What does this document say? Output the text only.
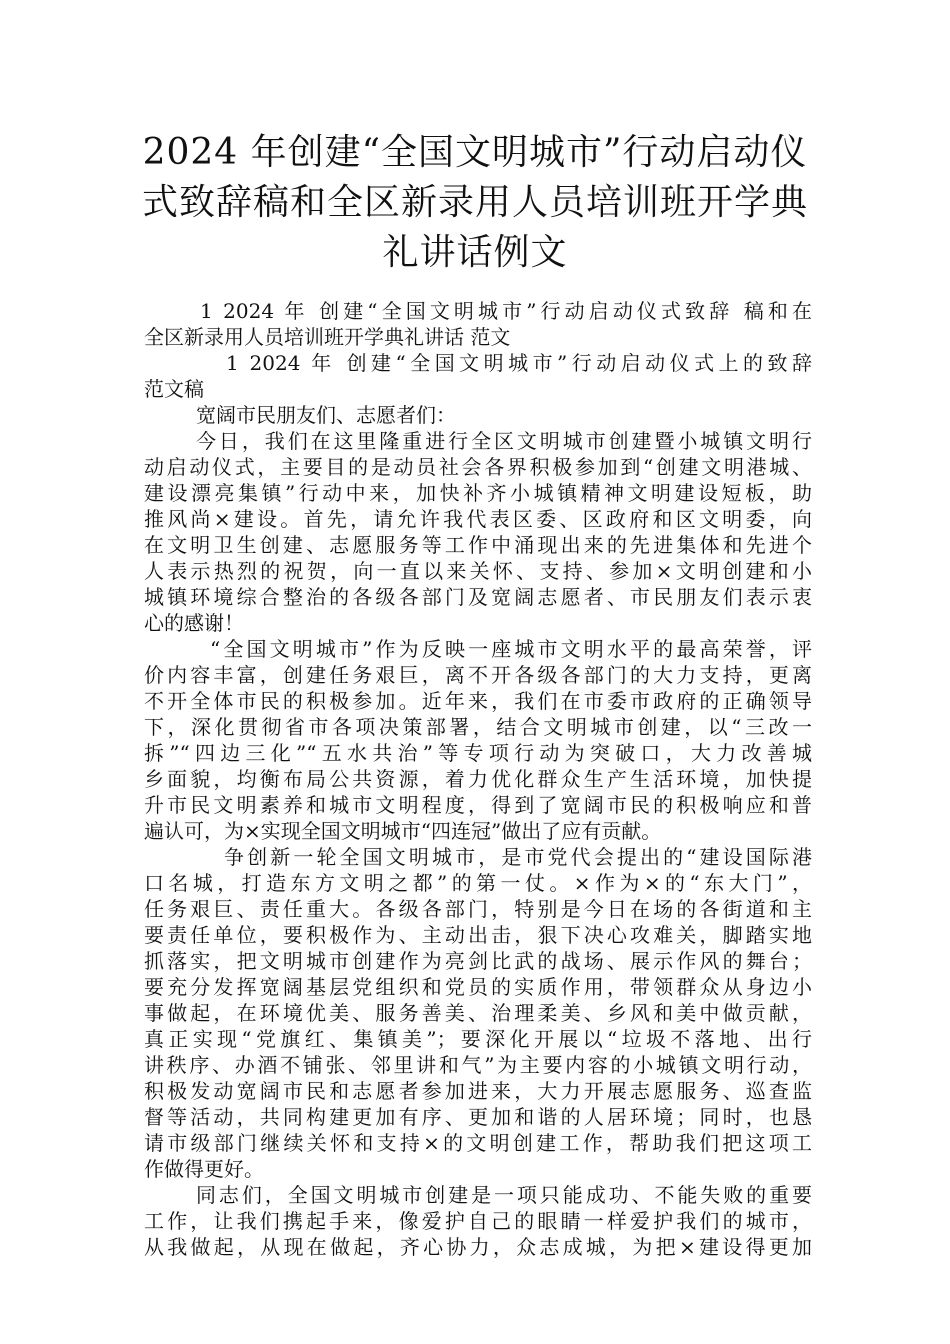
2024 年创建“全国文明城市”行动启动仪
式致辞稿和全区新录用人员培训班开学典
礼讲话例文
1 2024 年 创建“全国文明城市”行动启动仪式致辞 稿和在
全区新录用人员培训班开学典礼讲话 范文
1 2024 年 创建“全国文明城市”行动启动仪式上的致辞
范文稿
宽阔市民朋友们、志愿者们：
今日，我们在这里隆重进行全区文明城市创建暨小城镇文明行
动启动仪式，主要目的是动员社会各界积极参加到“创建文明港城、
建设漂亮集镇”行动中来，加快补齐小城镇精神文明建设短板，助
推风尚×建设。首先，请允许我代表区委、区政府和区文明委，向
在文明卫生创建、志愿服务等工作中涌现出来的先进集体和先进个
人表示热烈的祝贺，向一直以来关怀、支持、参加×文明创建和小
城镇环境综合整治的各级各部门及宽阔志愿者、市民朋友们表示衷
心的感谢！
“全国文明城市”作为反映一座城市文明水平的最高荣誉，评
价内容丰富，创建任务艰巨，离不开各级各部门的大力支持，更离
不开全体市民的积极参加。近年来，我们在市委市政府的正确领导
下，深化贯彻省市各项决策部署，结合文明城市创建，以“三改一
拆”“四边三化”“五水共治”等专项行动为突破口，大力改善城
乡面貌，均衡布局公共资源，着力优化群众生产生活环境，加快提
升市民文明素养和城市文明程度，得到了宽阔市民的积极响应和普
遍认可，为×实现全国文明城市“四连冠”做出了应有贡献。
争创新一轮全国文明城市，是市党代会提出的“建设国际港
口名城，打造东方文明之都”的第一仗。×作为×的“东大门”，
任务艰巨、责任重大。各级各部门，特别是今日在场的各街道和主
要责任单位，要积极作为、主动出击，狠下决心攻难关，脚踏实地
抓落实，把文明城市创建作为亮剑比武的战场、展示作风的舞台；
要充分发挥宽阔基层党组织和党员的实质作用，带领群众从身边小
事做起，在环境优美、服务善美、治理柔美、乡风和美中做贡献，
真正实现“党旗红、集镇美”；要深化开展以“垃圾不落地、出行
讲秩序、办酒不铺张、邻里讲和气”为主要内容的小城镇文明行动，
积极发动宽阔市民和志愿者参加进来，大力开展志愿服务、巡查监
督等活动，共同构建更加有序、更加和谐的人居环境；同时，也恳
请市级部门继续关怀和支持×的文明创建工作，帮助我们把这项工
作做得更好。
同志们，全国文明城市创建是一项只能成功、不能失败的重要
工作，让我们携起手来，像爱护自己的眼睛一样爱护我们的城市，
从我做起，从现在做起，齐心协力，众志成城，为把×建设得更加
